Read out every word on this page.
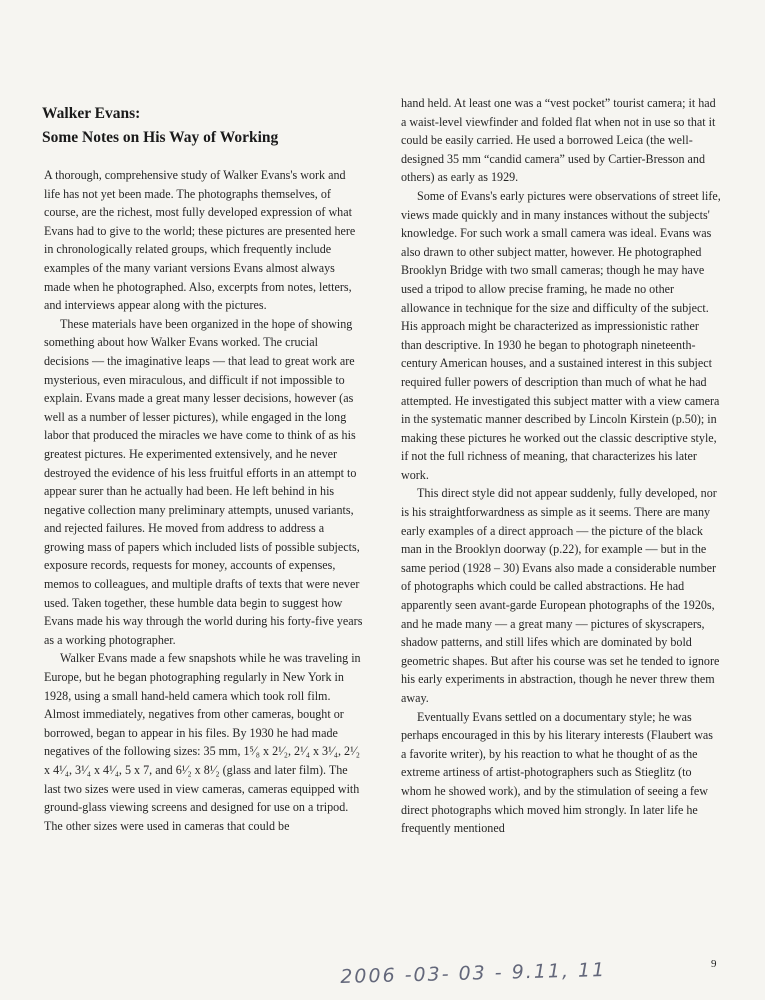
Walker Evans:
Some Notes on His Way of Working

A thorough, comprehensive study of Walker Evans's work and life has not yet been made. The photographs themselves, of course, are the richest, most fully developed expression of what Evans had to give to the world; these pictures are presented here in chronologically related groups, which frequently include examples of the many variant versions Evans almost always made when he photographed. Also, excerpts from notes, letters, and interviews appear along with the pictures.

These materials have been organized in the hope of showing something about how Walker Evans worked. The crucial decisions — the imaginative leaps — that lead to great work are mysterious, even miraculous, and difficult if not impossible to explain. Evans made a great many lesser decisions, however (as well as a number of lesser pictures), while engaged in the long labor that produced the miracles we have come to think of as his greatest pictures. He experimented extensively, and he never destroyed the evidence of his less fruitful efforts in an attempt to appear surer than he actually had been. He left behind in his negative collection many preliminary attempts, unused variants, and rejected failures. He moved from address to address a growing mass of papers which included lists of possible subjects, exposure records, requests for money, accounts of expenses, memos to colleagues, and multiple drafts of texts that were never used. Taken together, these humble data begin to suggest how Evans made his way through the world during his forty-five years as a working photographer.

Walker Evans made a few snapshots while he was traveling in Europe, but he began photographing regularly in New York in 1928, using a small hand-held camera which took roll film. Almost immediately, negatives from other cameras, bought or borrowed, began to appear in his files. By 1930 he had made negatives of the following sizes: 35 mm, 1⁵⁄₈ x 2¹⁄₂, 2¹⁄₄ x 3¹⁄₄, 2¹⁄₂ x 4¹⁄₄, 3¹⁄₄ x 4¹⁄₄, 5 x 7, and 6¹⁄₂ x 8¹⁄₂ (glass and later film). The last two sizes were used in view cameras, cameras equipped with ground-glass viewing screens and designed for use on a tripod. The other sizes were used in cameras that could be

hand held. At least one was a “vest pocket” tourist camera; it had a waist-level viewfinder and folded flat when not in use so that it could be easily carried. He used a borrowed Leica (the well-designed 35 mm “candid camera” used by Cartier-Bresson and others) as early as 1929.

Some of Evans's early pictures were observations of street life, views made quickly and in many instances without the subjects' knowledge. For such work a small camera was ideal. Evans was also drawn to other subject matter, however. He photographed Brooklyn Bridge with two small cameras; though he may have used a tripod to allow precise framing, he made no other allowance in technique for the size and difficulty of the subject. His approach might be characterized as impressionistic rather than descriptive. In 1930 he began to photograph nineteenth-century American houses, and a sustained interest in this subject required fuller powers of description than much of what he had attempted. He investigated this subject matter with a view camera in the systematic manner described by Lincoln Kirstein (p.50); in making these pictures he worked out the classic descriptive style, if not the full richness of meaning, that characterizes his later work.

This direct style did not appear suddenly, fully developed, nor is his straightforwardness as simple as it seems. There are many early examples of a direct approach — the picture of the black man in the Brooklyn doorway (p.22), for example — but in the same period (1928 – 30) Evans also made a considerable number of photographs which could be called abstractions. He had apparently seen avant-garde European photographs of the 1920s, and he made many — a great many — pictures of skyscrapers, shadow patterns, and still lifes which are dominated by bold geometric shapes. But after his course was set he tended to ignore his early experiments in abstraction, though he never threw them away.

Eventually Evans settled on a documentary style; he was perhaps encouraged in this by his literary interests (Flaubert was a favorite writer), by his reaction to what he thought of as the extreme artiness of artist-photographers such as Stieglitz (to whom he showed work), and by the stimulation of seeing a few direct photographs which moved him strongly. In later life he frequently mentioned

9
2006 -03- 03 - 9.11, 11
